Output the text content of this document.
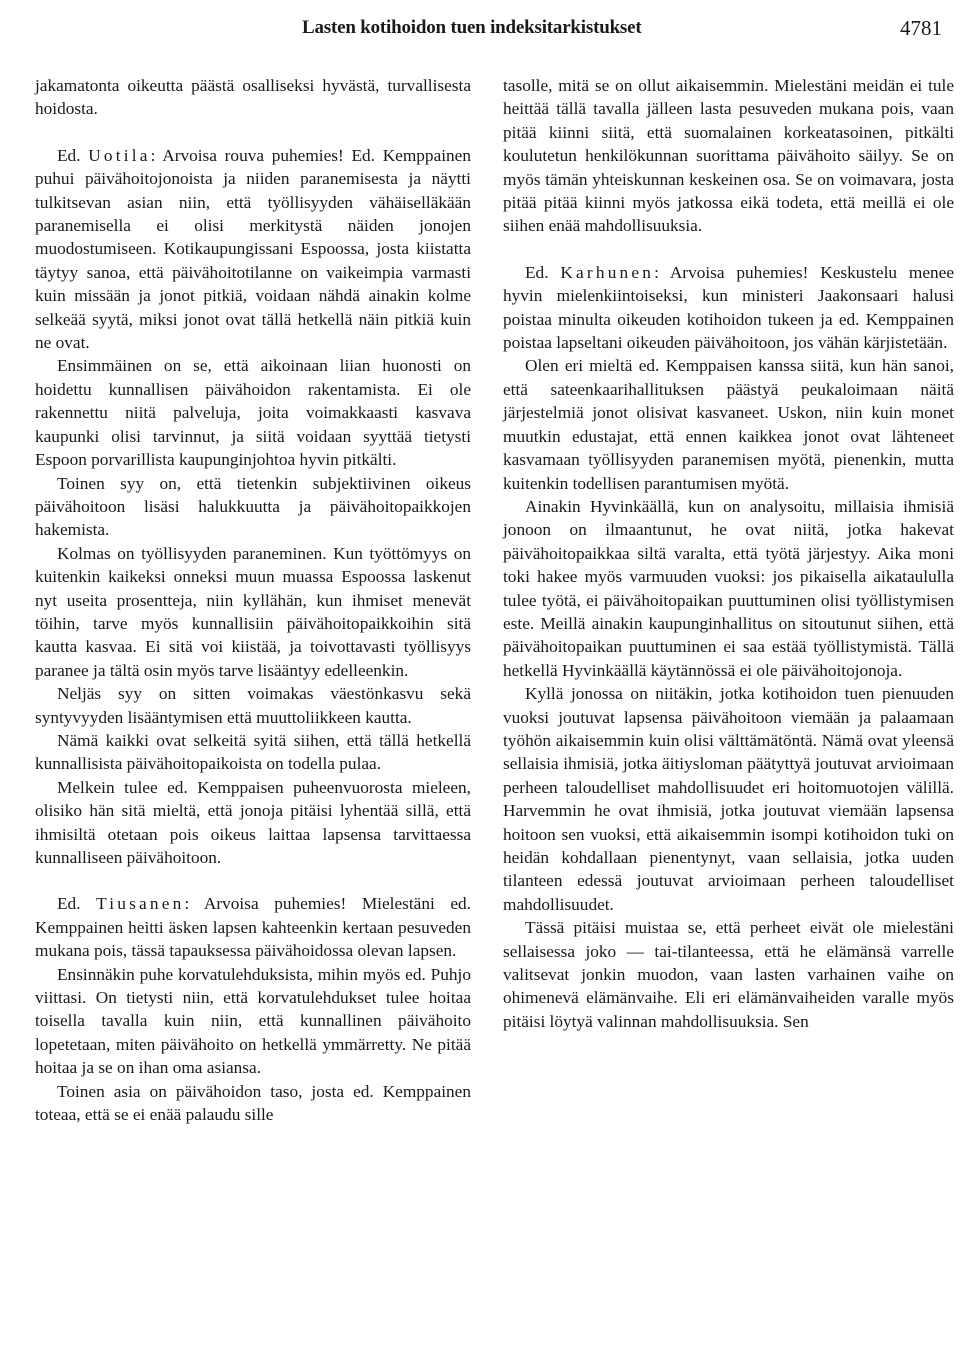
Lasten kotihoidon tuen indeksitarkistukset	4781

jakamatonta oikeutta päästä osalliseksi hyvästä, turvallisesta hoidosta.

Ed. Uotila: Arvoisa rouva puhemies! Ed. Kemppainen puhui päivähoitojonoista ja niiden paranemisesta ja näytti tulkitsevan asian niin, että työllisyyden vähäiselläkään paranemisella ei olisi merkitystä näiden jonojen muodostumiseen. Kotikaupungissani Espoossa, josta kiistatta täytyy sanoa, että päivähoitotilanne on vaikeimpia varmasti kuin missään ja jonot pitkiä, voidaan nähdä ainakin kolme selkeää syytä, miksi jonot ovat tällä hetkellä näin pitkiä kuin ne ovat.

Ensimmäinen on se, että aikoinaan liian huonosti on hoidettu kunnallisen päivähoidon rakentamista. Ei ole rakennettu niitä palveluja, joita voimakkaasti kasvava kaupunki olisi tarvinnut, ja siitä voidaan syyttää tietysti Espoon porvarillista kaupunginjohtoa hyvin pitkälti.

Toinen syy on, että tietenkin subjektiivinen oikeus päivähoitoon lisäsi halukkuutta ja päivähoitopaikkojen hakemista.

Kolmas on työllisyyden paraneminen. Kun työttömyys on kuitenkin kaikeksi onneksi muun muassa Espoossa laskenut nyt useita prosentteja, niin kyllähän, kun ihmiset menevät töihin, tarve myös kunnallisiin päivähoitopaikkoihin sitä kautta kasvaa. Ei sitä voi kiistää, ja toivottavasti työllisyys paranee ja tältä osin myös tarve lisääntyy edelleenkin.

Neljäs syy on sitten voimakas väestönkasvu sekä syntyvyyden lisääntymisen että muuttoliikkeen kautta.

Nämä kaikki ovat selkeitä syitä siihen, että tällä hetkellä kunnallisista päivähoitopaikoista on todella pulaa.

Melkein tulee ed. Kemppaisen puheenvuorosta mieleen, olisiko hän sitä mieltä, että jonoja pitäisi lyhentää sillä, että ihmisiltä otetaan pois oikeus laittaa lapsensa tarvittaessa kunnalliseen päivähoitoon.

Ed. Tiusanen: Arvoisa puhemies! Mielestäni ed. Kemppainen heitti äsken lapsen kahteenkin kertaan pesuveden mukana pois, tässä tapauksessa päivähoidossa olevan lapsen.

Ensinnäkin puhe korvatulehduksista, mihin myös ed. Puhjo viittasi. On tietysti niin, että korvatulehdukset tulee hoitaa toisella tavalla kuin niin, että kunnallinen päivähoito lopetetaan, miten päivähoito on hetkellä ymmärretty. Ne pitää hoitaa ja se on ihan oma asiansa.

Toinen asia on päivähoidon taso, josta ed. Kemppainen toteaa, että se ei enää palaudu sille

tasolle, mitä se on ollut aikaisemmin. Mielestäni meidän ei tule heittää tällä tavalla jälleen lasta pesuveden mukana pois, vaan pitää kiinni siitä, että suomalainen korkeatasoinen, pitkälti koulutetun henkilökunnan suorittama päivähoito säilyy. Se on myös tämän yhteiskunnan keskeinen osa. Se on voimavara, josta pitää pitää kiinni myös jatkossa eikä todeta, että meillä ei ole siihen enää mahdollisuuksia.

Ed. Karhunen: Arvoisa puhemies! Keskustelu menee hyvin mielenkiintoiseksi, kun ministeri Jaakonsaari halusi poistaa minulta oikeuden kotihoidon tukeen ja ed. Kemppainen poistaa lapseltani oikeuden päivähoitoon, jos vähän kärjistetään.

Olen eri mieltä ed. Kemppaisen kanssa siitä, kun hän sanoi, että sateenkaarihallituksen päästyä peukaloimaan näitä järjestelmiä jonot olisivat kasvaneet. Uskon, niin kuin monet muutkin edustajat, että ennen kaikkea jonot ovat lähteneet kasvamaan työllisyyden paranemisen myötä, pienenkin, mutta kuitenkin todellisen parantumisen myötä.

Ainakin Hyvinkäällä, kun on analysoitu, millaisia ihmisiä jonoon on ilmaantunut, he ovat niitä, jotka hakevat päivähoitopaikkaa siltä varalta, että työtä järjestyy. Aika moni toki hakee myös varmuuden vuoksi: jos pikaisella aikataululla tulee työtä, ei päivähoitopaikan puuttuminen olisi työllistymisen este. Meillä ainakin kaupunginhallitus on sitoutunut siihen, että päivähoitopaikan puuttuminen ei saa estää työllistymistä. Tällä hetkellä Hyvinkäällä käytännössä ei ole päivähoitojonoja.

Kyllä jonossa on niitäkin, jotka kotihoidon tuen pienuuden vuoksi joutuvat lapsensa päivähoitoon viemään ja palaamaan työhön aikaisemmin kuin olisi välttämätöntä. Nämä ovat yleensä sellaisia ihmisiä, jotka äitiysloman päätyttyä joutuvat arvioimaan perheen taloudelliset mahdollisuudet eri hoitomuotojen välillä. Harvemmin he ovat ihmisiä, jotka joutuvat viemään lapsensa hoitoon sen vuoksi, että aikaisemmin isompi kotihoidon tuki on heidän kohdallaan pienentynyt, vaan sellaisia, jotka uuden tilanteen edessä joutuvat arvioimaan perheen taloudelliset mahdollisuudet.

Tässä pitäisi muistaa se, että perheet eivät ole mielestäni sellaisessa joko — tai-tilanteessa, että he elämänsä varrelle valitsevat jonkin muodon, vaan lasten varhainen vaihe on ohimenevä elämänvaihe. Eli eri elämänvaiheiden varalle myös pitäisi löytyä valinnan mahdollisuuksia. Sen
